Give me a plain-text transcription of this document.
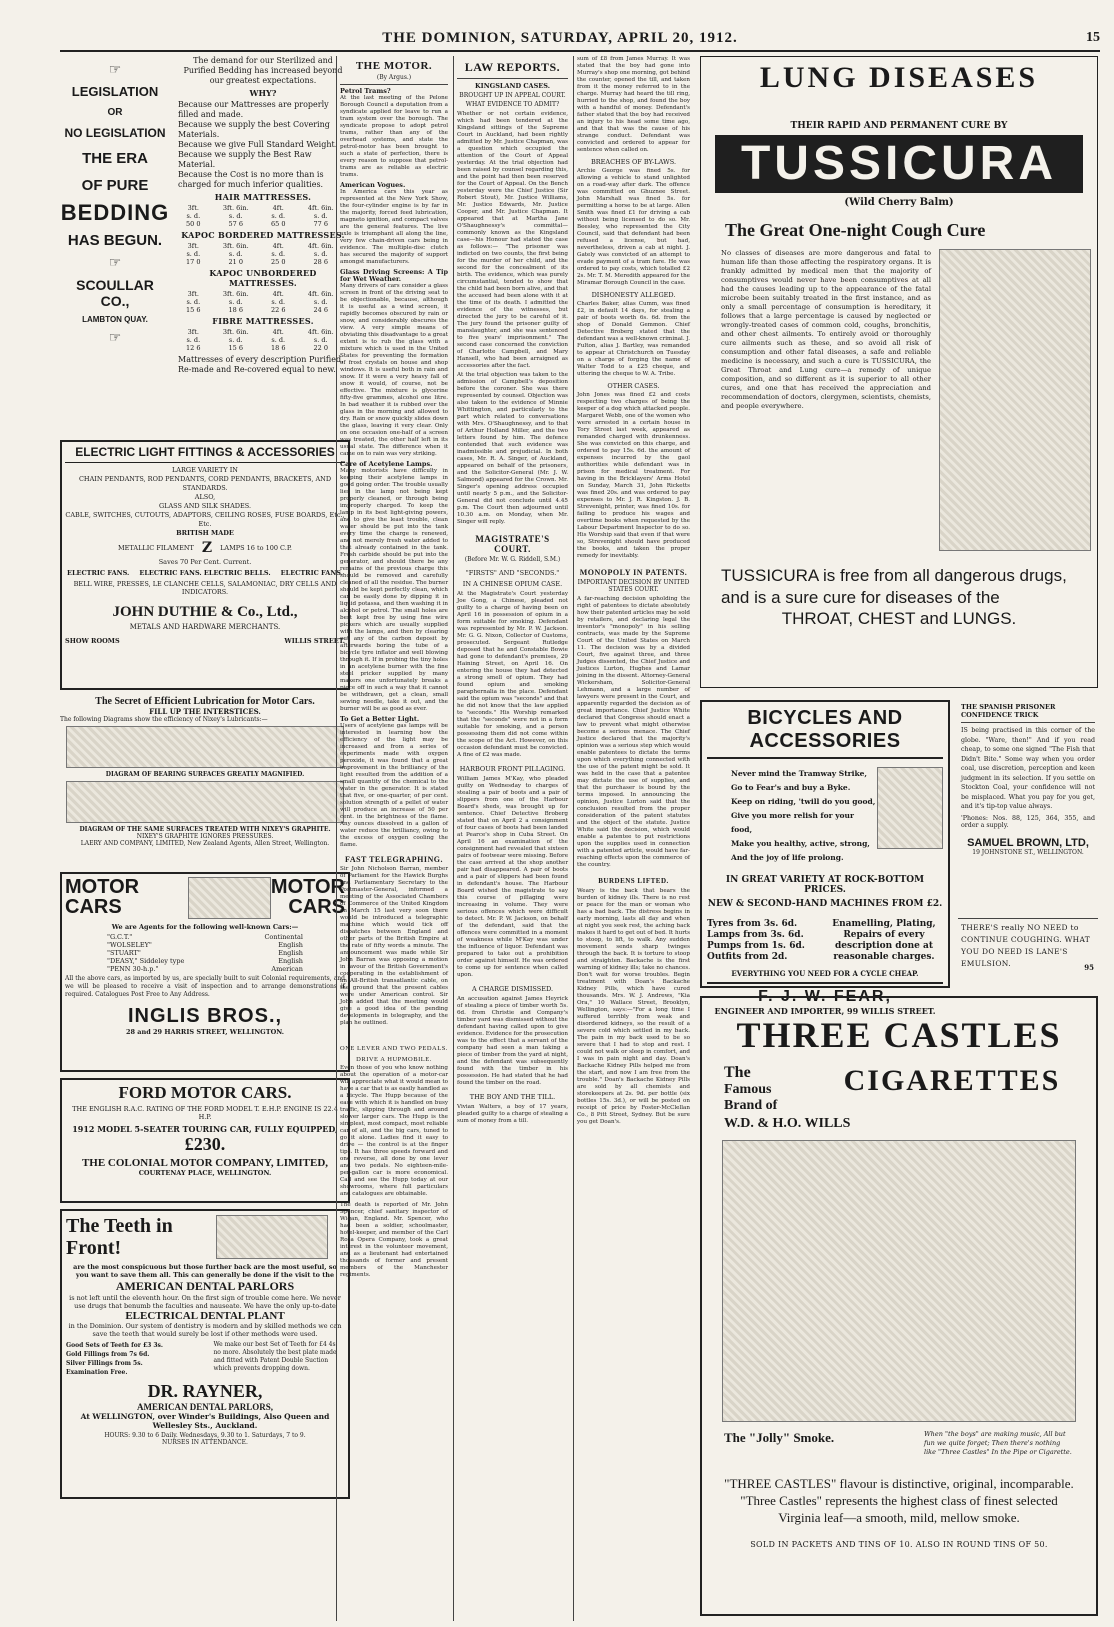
THE DOMINION, SATURDAY, APRIL 20, 1912.	15
☞
LEGISLATION
OR
NO LEGISLATION
THE ERA
OF PURE
BEDDING
HAS BEGUN.
☞
SCOULLAR CO.,
LAMBTON QUAY.
☞
The demand for our Sterilized and Purified Bedding has increased beyond our greatest expectations.
WHY?
Because our Mattresses are properly filled and made.
Because we supply the best Covering Materials.
Because we give Full Standard Weight.
Because we supply the Best Raw Material.
Because the Cost is no more than is charged for much inferior qualities.
HAIR MATTRESSES.
3ft.	3ft. 6in.	4ft.	4ft. 6in.
s. d.	s. d.	s. d.	s. d.
50 0	57 6	65 0	77 6
KAPOC BORDERED MATTRESSES.
3ft.	3ft. 6in.	4ft.	4ft. 6in.
s. d.	s. d.	s. d.	s. d.
17 0	21 0	25 0	28 6
KAPOC UNBORDERED MATTRESSES.
3ft.	3ft. 6in.	4ft.	4ft. 6in.
s. d.	s. d.	s. d.	s. d.
15 6	18 6	22 6	24 6
FIBRE MATTRESSES.
3ft.	3ft. 6in.	4ft.	4ft. 6in.
s. d.	s. d.	s. d.	s. d.
12 6	15 6	18 6	22 0
Mattresses of every description Purified, Re-made and Re-covered equal to new.
ELECTRIC LIGHT FITTINGS & ACCESSORIES
LARGE VARIETY IN
CHAIN PENDANTS, ROD PENDANTS, CORD PENDANTS, BRACKETS, AND STANDARDS.
ALSO,
GLASS AND SILK SHADES.
CABLE, SWITCHES, CUTOUTS, ADAPTORS, CEILING ROSES, FUSE BOARDS, Etc., Etc.
BRITISH MADE
METALLIC FILAMENT Z LAMPS 16 to 100 C.P.
Saves 70 Per Cent. Current.
ELECTRIC FANS. ELECTRIC FANS. ELECTRIC BELLS. ELECTRIC FANS.
BELL WIRE, PRESSES, LE CLANCHE CELLS, SALAMONIAC, DRY CELLS AND INDICATORS.
JOHN DUTHIE & Co., Ltd.,
METALS AND HARDWARE MERCHANTS.
SHOW ROOMS	WILLIS STREET.
The Secret of Efficient Lubrication for Motor Cars.
FILL UP THE INTERSTICES.
The following Diagrams show the efficiency of Nixey's Lubricants:—
DIAGRAM OF BEARING SURFACES GREATLY MAGNIFIED.
DIAGRAM OF THE SAME SURFACES TREATED WITH NIXEY'S GRAPHITE.
NIXEY'S GRAPHITE IGNORES PRESSURES.
LAERY AND COMPANY, LIMITED, New Zealand Agents, Allen Street, Wellington.
MOTOR CARS
MOTOR CARS
We are Agents for the following well-known Cars:—
"G.C.T."	Continental
"WOLSELEY"	English
"STUART"	English
"DEASY," Siddeley type	English
"PENN 30-h.p."	American
All the above cars, as imported by us, are specially built to suit Colonial requirements, and we will be pleased to receive a visit of inspection and to arrange demonstrations if required. Catalogues Post Free to Any Address.
INGLIS BROS.,
28 and 29 HARRIS STREET, WELLINGTON.
FORD MOTOR CARS.
THE ENGLISH R.A.C. RATING OF THE FORD MODEL T. E.H.P. ENGINE IS 22.4 H.P.
1912 MODEL 5-SEATER TOURING CAR, FULLY EQUIPPED,
£230.
THE COLONIAL MOTOR COMPANY, LIMITED,
COURTENAY PLACE, WELLINGTON.
The Teeth in Front!
are the most conspicuous but those further back are the most useful, so you want to save them all. This can generally be done if the visit to the
AMERICAN DENTAL PARLORS
is not left until the eleventh hour. On the first sign of trouble come here. We never use drugs that benumb the faculties and nauseate. We have the only up-to-date
ELECTRICAL DENTAL PLANT
in the Dominion. Our system of dentistry is modern and by skilled methods we can save the teeth that would surely be lost if other methods were used.
Good Sets of Teeth for £3 3s.
Gold Fillings from 7s 6d.
Silver Fillings from 5s.
Examination Free.
We make our best Set of Teeth for £4 4s. no more. Absolutely the best plate made and fitted with Patent Double Suction which prevents dropping down.
DR. RAYNER,
AMERICAN DENTAL PARLORS,
At WELLINGTON, over Winder's Buildings, Also Queen and Wellesley Sts., Auckland.
HOURS: 9.30 to 6 Daily. Wednesdays, 9.30 to 1. Saturdays, 7 to 9.
NURSES IN ATTENDANCE.
THE MOTOR.
(By Argus.)
Petrol Trams?
At the last meeting of the Pelone Borough Council a deputation from a syndicate applied for leave to run a tram system over the borough. The syndicate propose to adopt petrol trams, rather than any of the overhead systems, and state the petrol-motor has been brought to such a state of perfection, there is every reason to suppose that petrol-trams are as reliable as electric trams.
American Vogues.
In America cars this year as represented at the New York Show, the four-cylinder engine is by far in the majority, forced feed lubrication, magneto ignition, and compact valves are the general features. The live axle is triumphant all along the line, very few chain-driven cars being in evidence. The multiple-disc clutch has secured the majority of support amongst manufacturers.
Glass Driving Screens: A Tip for Wet Weather.
Many drivers of cars consider a glass screen in front of the driving seat to be objectionable, because, although it is useful as a wind screen, it rapidly becomes obscured by rain or snow, and considerably obscures the view. A very simple means of obviating this disadvantage to a great extent is to rub the glass with a mixture which is used in the United States for preventing the formation of frost crystals on house and shop windows. It is useful both in rain and snow. If it were a very heavy fall of snow it would, of course, not be effective. The mixture is glycerine fifty-five grammes, alcohol one litre. In bad weather it is rubbed over the glass in the morning and allowed to dry. Rain or snow quickly slides down the glass, leaving it very clear. Only on one occasion one-half of a screen was treated, the other half left in its usual state. The difference when it came on to rain was very striking.
Care of Acetylene Lamps.
Many motorists have difficulty in keeping their acetylene lamps in good going order. The trouble usually lies in the lamp not being kept properly cleaned, or through being improperly charged. To keep the lamp in its best light-giving powers, and to give the least trouble, clean water should be put into the tank every time the charge is renewed, and not merely fresh water added to that already contained in the tank. Fresh carbide should be put into the generator, and should there be any remains of the previous charge this should be removed and carefully cleaned of all the residue. The burner should be kept perfectly clean, which can be easily done by dipping it in liquid potassa, and then washing it in alcohol or petrol. The small holes are best kept free by using fine wire pickers which are usually supplied with the lamps, and then by clearing out any of the carbon deposit by afterwards boring the tube of a bicycle tyre inflator and well blowing through it. If in probing the tiny holes in an acetylene burner with the fine steel pricker supplied by many makers one unfortunately breaks a piece off in such a way that it cannot be withdrawn, get a clean, small sewing needle, take it out, and the burner will be as good as ever.
To Get a Better Light.
Users of acetylene gas lamps will be interested in learning how the efficiency of the light may be increased and from a series of experiments made with oxygen peroxide, it was found that a great improvement in the brilliancy of the light resulted from the addition of a small quantity of the chemical to the water in the generator. It is stated that five, or one-quarter, of per cent. solution strength of a pellet of water will produce an increase of 50 per cent. in the brightness of the flame. Any ounces dissolved in a gallon of water reduce the brilliancy, owing to the excess of oxygen cooling the flame.
FAST TELEGRAPHING.
Sir John Nicholson Barran, member of Parliament for the Hawick Burghs and Parliamentary Secretary to the Postmaster-General, informed a meeting of the Associated Chambers of Commerce of the United Kingdom on March 15 last very soon there would be introduced a telegraphic machine which would tick off dispatches between England and other parts of the British Empire at the rate of fifty words a minute. The announcement was made while Sir John Barran was opposing a motion in favour of the British Government's cooperating in the establishment of an All-British transatlantic cable, on the ground that the present cables were under American control. Sir John added that the meeting would give a good idea of the pending developments in telegraphy, and the plan he outlined.
ONE LEVER AND TWO PEDALS.
DRIVE A HUPMOBILE.
Even those of you who know nothing about the operation of a motor-car will appreciate what it would mean to have a car that is as easily handled as a bicycle. The Hupp because of the ease with which it is handled on busy traffic, slipping through and around slower larger cars. The Hupp is the simplest, most compact, most reliable car of all, and the big cars, tuned to go it alone. Ladies find it easy to drive — the control is at the finger tips. It has three speeds forward and one reverse, all done by one lever and two pedals. No eighteen-mile-per-gallon car is more economical. Call and see the Hupp today at our showrooms, where full particulars and catalogues are obtainable.
The death is reported of Mr. John Spencer, chief sanitary inspector of Wigan, England. Mr. Spencer, who had been a soldier, schoolmaster, hotel-keeper, and member of the Carl Rosa Opera Company, took a great interest in the volunteer movement, and as a lieutenant had entertained thousands of former and present members of the Manchester regiments.
LAW REPORTS.
KINGSLAND CASES.
BROUGHT UP IN APPEAL COURT.
WHAT EVIDENCE TO ADMIT?
Whether or not certain evidence, which had been tendered at the Kingsland sittings of the Supreme Court in Auckland, had been rightly admitted by Mr. Justice Chapman, was a question which occupied the attention of the Court of Appeal yesterday. At the trial objection had been raised by counsel regarding this, and the point had then been reserved for the Court of Appeal. On the Bench yesterday were the Chief Justice (Sir Robert Stout), Mr. Justice Williams, Mr. Justice Edwards, Mr. Justice Cooper, and Mr. Justice Chapman. It appeared that at Martha Jane O'Shaughnessy's committal—commonly known as the Kingsland case—his Honour had stated the case as follows:— "The prisoner was indicted on two counts, the first being for the murder of her child, and the second for the concealment of its birth. The evidence, which was purely circumstantial, tended to show that the child had been born alive, and that the accused had been alone with it at the time of its death. I admitted the evidence of the witnesses, but directed the jury to be careful of it. The jury found the prisoner guilty of manslaughter, and she was sentenced to five years' imprisonment." The second case concerned the conviction of Charlotte Campbell, and Mary Hansell, who had been arraigned as accessories after the fact.
At the trial objection was taken to the admission of Campbell's deposition before the coroner. She was there represented by counsel. Objection was also taken to the evidence of Minnie Whittington, and particularly to the part which related to conversations with Mrs. O'Shaughnessy, and to that of Arthur Holland Miller, and the two letters found by him. The defence contended that such evidence was inadmissible and prejudicial. In both cases, Mr. R. A. Singer, of Auckland, appeared on behalf of the prisoners, and the Solicitor-General (Mr. J. W. Salmond) appeared for the Crown. Mr. Singer's opening address occupied until nearly 5 p.m., and the Solicitor-General did not conclude until 4.45 p.m. The Court then adjourned until 10.30 a.m. on Monday, when Mr. Singer will reply.
MAGISTRATE'S COURT.
(Before Mr. W. G. Riddell, S.M.)
"FIRSTS" AND "SECONDS."
IN A CHINESE OPIUM CASE.
At the Magistrate's Court yesterday Joe Gong, a Chinese, pleaded not guilty to a charge of having been on April 16 in possession of opium in a form suitable for smoking. Defendant was represented by Mr. P. W. Jackson. Mr. G. G. Nixon, Collector of Customs, prosecuted. Sergeant Rutledge deposed that he and Constable Bowie had gone to defendant's premises, 29 Haining Street, on April 16. On entering the house they had detected a strong smell of opium. They had found opium and smoking paraphernalia in the place. Defendant said the opium was "seconds" and that he did not know that the law applied to "seconds." His Worship remarked that the "seconds" were not in a form suitable for smoking, and a person possessing them did not come within the scope of the Act. However, on this occasion defendant must be convicted. A fine of £2 was made.
HARBOUR FRONT PILLAGING.
William James M'Kay, who pleaded guilty on Wednesday to charges of stealing a pair of boots and a pair of slippers from one of the Harbour Board's sheds, was brought up for sentence. Chief Detective Broberg stated that on April 2 a consignment of four cases of boots had been landed at Pearce's shop in Cuba Street. On April 16 an examination of the consignment had revealed that sixteen pairs of footwear were missing. Before the case arrived at the shop another pair had disappeared. A pair of boots and a pair of slippers had been found in defendant's house. The Harbour Board wished the magistrate to say this course of pillaging were increasing in volume. They were serious offences which were difficult to detect. Mr. P. W. Jackson, on behalf of the defendant, said that the offences were committed in a moment of weakness while M'Kay was under the influence of liquor. Defendant was prepared to take out a prohibition order against himself. He was ordered to come up for sentence when called upon.
A CHARGE DISMISSED.
An accusation against James Heyrick of stealing a piece of timber worth 5s. 6d. from Christie and Company's timber yard was dismissed without the defendant having called upon to give evidence. Evidence for the prosecution was to the effect that a servant of the company had seen a man taking a piece of timber from the yard at night, and the defendant was subsequently found with the timber in his possession. He had stated that he had found the timber on the road.
THE BOY AND THE TILL.
Vivian Walters, a boy of 17 years, pleaded guilty to a charge of stealing a sum of money from a till.
sum of £8 from James Murray. It was stated that the boy had gone into Murray's shop one morning, got behind the counter, opened the till, and taken from it the money referred to in the charge. Murray had heard the till ring, hurried to the shop, and found the boy with a handful of money. Defendant's father stated that the boy had received an injury to his head some time ago, and that that was the cause of his strange conduct. Defendant was convicted and ordered to appear for sentence when called on.
BREACHES OF BY-LAWS.
Archie George was fined 5s. for allowing a vehicle to stand unlighted on a road-way after dark. The offence was committed on Ghuznee Street. John Marshall was fined 5s. for permitting a horse to be at large. Allen Smith was fined £1 for driving a cab without being licensed to do so. Mr. Beesley, who represented the City Council, said that defendant had been refused a license, but had, nevertheless, driven a cab at night. J. Gately was convicted of an attempt to evade payment of a tram fare. He was ordered to pay costs, which totalled £2 2s. Mr. T. M. Meredith appeared for the Miramar Borough Council in the case.
DISHONESTY ALLEGED.
Charles Baker, alias Cumm, was fined £2, in default 14 days, for stealing a pair of boots worth 6s. 6d. from the shop of Donald Gemmon. Chief Detective Broberg stated that the defendant was a well-known criminal. J. Fulton, alias J. Bartley, was remanded to appear at Christchurch on Tuesday on a charge of forging the name of Walter Todd to a £25 cheque, and uttering the cheque to W. A. Tribe.
OTHER CASES.
John Jones was fined £2 and costs respecting two charges of being the keeper of a dog which attacked people. Margaret Webb, one of the women who were arrested in a certain house in Tory Street last week, appeared as remanded charged with drunkenness. She was convicted on this charge, and ordered to pay 15s. 6d. the amount of expenses incurred by the gaol authorities while defendant was in prison for medical treatment. For having in the Bricklayers' Arms Hotel on Sunday, March 31, John Ricketts was fined 20s. and was ordered to pay expenses to Mr. J. R. Kingston. J. B. Strevenight, printer, was fined 10s. for failing to produce his wages and overtime books when requested by the Labour Department Inspector to do so. His Worship said that even if that were so, Strevenight should have produced the books, and taken the proper remedy for inevitably.
MONOPOLY IN PATENTS.
IMPORTANT DECISION BY UNITED STATES COURT.
A far-reaching decision upholding the right of patentees to dictate absolutely how their patented articles may be sold by retailers, and declaring legal the inventor's "monopoly" in his selling contracts, was made by the Supreme Court of the United States on March 11. The decision was by a divided Court, five against three, and three Judges dissented, the Chief Justice and Justices Lurton, Hughes and Lamar joining in the dissent. Attorney-General Wickersham, Solicitor-General Lehmann, and a large number of lawyers were present in the Court, and apparently regarded the decision as of great importance. Chief Justice White declared that Congress should enact a law to prevent what might otherwise become a serious menace. The Chief Justice declared that the majority's opinion was a serious step which would enable patentees to dictate the terms upon which everything connected with the use of the patent might be sold. It was held in the case that a patentee may dictate the use of supplies, and that the purchaser is bound by the terms imposed. In announcing the opinion, Justice Lurton said that the conclusion resulted from the proper consideration of the patent statutes and the object of the statute. Justice White said the decision, which would enable a patentee to put restrictions upon the supplies used in connection with a patented article, would have far-reaching effects upon the commerce of the country.
BURDENS LIFTED.
Weary is the back that bears the burden of kidney ills. There is no rest or peace for the man or woman who has a bad back. The distress begins in early morning, lasts all day and when at night you seek rest, the aching back makes it hard to get out of bed. It hurts to stoop, to lift, to walk. Any sudden movement sends sharp twinges through the back. It is torture to stoop and straighten. Backache is the first warning of kidney ills; take no chances. Don't wait for worse troubles. Begin treatment with Doan's Backache Kidney Pills, which have cured thousands. Mrs. W. J. Andrews, "Kia Ora," 10 Wallace Street, Brooklyn, Wellington, says:—"For a long time I suffered terribly from weak and disordered kidneys, so the result of a severe cold which settled in my back. The pain in my back used to be so severe that I had to stop and rest. I could not walk or sleep in comfort, and I was in pain night and day. Doan's Backache Kidney Pills helped me from the start, and now I am free from the trouble." Doan's Backache Kidney Pills are sold by all chemists and storekeepers at 2s. 9d. per bottle (six bottles 15s. 3d.), or will be posted on receipt of price by Foster-McClellan Co., 8 Pitt Street, Sydney. But be sure you get Doan's.
LUNG DISEASES
THEIR RAPID AND PERMANENT CURE BY
TUSSICURA
(Wild Cherry Balm)
The Great One-night Cough Cure
No classes of diseases are more dangerous and fatal to human life than those affecting the respiratory organs. It is frankly admitted by medical men that the majority of consumptives would never have been consumptives at all had the causes leading up to the appearance of the fatal microbe been suitably treated in the first instance, and as only a small percentage of consumption is hereditary, it follows that a large percentage is caused by neglected or wrongly-treated cases of common cold, coughs, bronchitis, and other chest ailments. To entirely avoid or thoroughly cure ailments such as these, and so avoid all risk of consumption and other fatal diseases, a safe and reliable medicine is necessary, and such a cure is TUSSICURA, the Great Throat and Lung cure—a remedy of unique composition, and so different as it is superior to all other cures, and one that has received the appreciation and recommendation of doctors, clergymen, scientists, chemists, and people everywhere.
TUSSICURA is free from all dangerous drugs, and is a sure cure for diseases of the
THROAT, CHEST and LUNGS.
BICYCLES AND ACCESSORIES
Never mind the Tramway Strike,
Go to Fear's and buy a Byke.
Keep on riding, 'twill do you good,
Give you more relish for your food,
Make you healthy, active, strong,
And the joy of life prolong.
IN GREAT VARIETY AT ROCK-BOTTOM PRICES.
NEW & SECOND-HAND MACHINES FROM £2.
Tyres from 3s. 6d.
Lamps from 3s. 6d.
Pumps from 1s. 6d.
Outfits from 2d.
Enamelling, Plating, Repairs of every description done at reasonable charges.
EVERYTHING YOU NEED FOR A CYCLE CHEAP.
F. J. W. FEAR,
ENGINEER AND IMPORTER, 99 WILLIS STREET.
THE SPANISH PRISONER CONFIDENCE TRICK
IS being practised in this corner of the globe. "Ware, then!" And if you read cheap, to some one signed "The Fish that Didn't Bite." Some way when you order coal, use discretion, perception and keen judgment in its selection. If you settle on Stockton Coal, your confidence will not be misplaced. What you pay for you get, and it's tip-top value always.
'Phones: Nos. 88, 125, 364, 355, and order a supply.
SAMUEL BROWN, LTD,
19 JOHNSTONE ST., WELLINGTON.
THERE'S really NO NEED to CONTINUE COUGHING. WHAT YOU DO NEED IS LANE'S EMULSION.	95
THREE CASTLES
The
Famous
Brand of
CIGARETTES
W.D. & H.O. WILLS
The "Jolly" Smoke.	When "the boys" are making music, All but fun we quite forget; Then there's nothing like "Three Castles" In the Pipe or Cigarette.
"THREE CASTLES" flavour is distinctive, original, incomparable. "Three Castles" represents the highest class of finest selected Virginia leaf—a smooth, mild, mellow smoke.
SOLD IN PACKETS AND TINS OF 10. ALSO IN ROUND TINS OF 50.
